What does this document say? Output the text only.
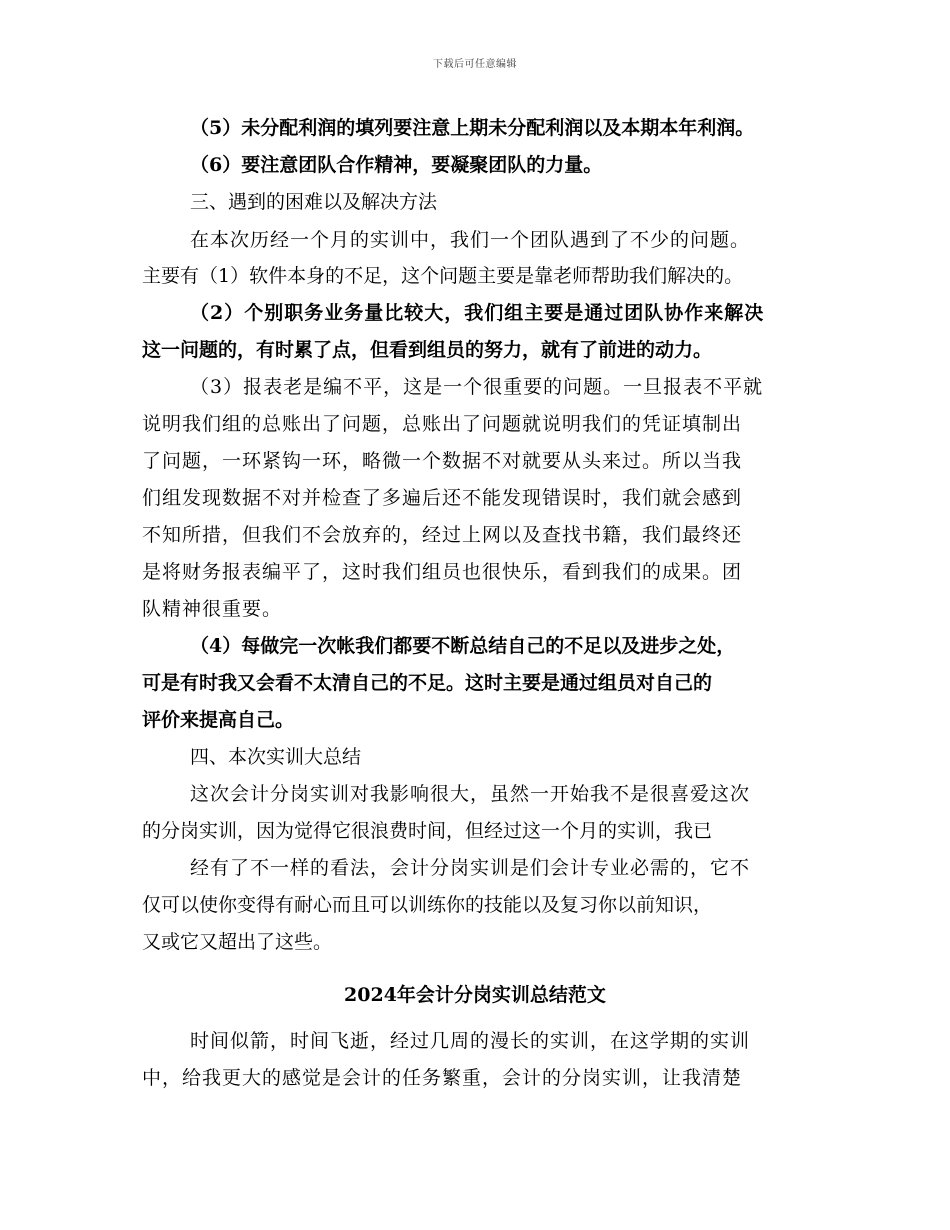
下载后可任意编辑
（5）未分配利润的填列要注意上期未分配利润以及本期本年利润。
（6）要注意团队合作精神，要凝聚团队的力量。
三、遇到的困难以及解决方法
在本次历经一个月的实训中，我们一个团队遇到了不少的问题。
主要有（1）软件本身的不足，这个问题主要是靠老师帮助我们解决的。
（2）个别职务业务量比较大，我们组主要是通过团队协作来解决
这一问题的，有时累了点，但看到组员的努力，就有了前进的动力。
（3）报表老是编不平，这是一个很重要的问题。一旦报表不平就
说明我们组的总账出了问题，总账出了问题就说明我们的凭证填制出
了问题，一环紧钩一环，略微一个数据不对就要从头来过。所以当我
们组发现数据不对并检查了多遍后还不能发现错误时，我们就会感到
不知所措，但我们不会放弃的，经过上网以及查找书籍，我们最终还
是将财务报表编平了，这时我们组员也很快乐，看到我们的成果。团
队精神很重要。
（4）每做完一次帐我们都要不断总结自己的不足以及进步之处，
可是有时我又会看不太清自己的不足。这时主要是通过组员对自己的
评价来提高自己。
四、本次实训大总结
这次会计分岗实训对我影响很大，虽然一开始我不是很喜爱这次
的分岗实训，因为觉得它很浪费时间，但经过这一个月的实训，我已
经有了不一样的看法，会计分岗实训是们会计专业必需的，它不
仅可以使你变得有耐心而且可以训练你的技能以及复习你以前知识，
又或它又超出了这些。
2024年会计分岗实训总结范文
时间似箭，时间飞逝，经过几周的漫长的实训，在这学期的实训
中，给我更大的感觉是会计的任务繁重，会计的分岗实训，让我清楚
